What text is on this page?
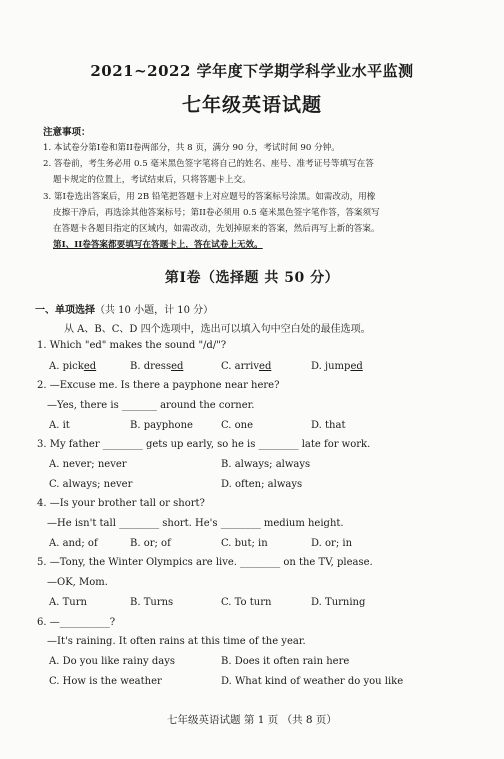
2021~2022 学年度下学期学科学业水平监测
七年级英语试题
注意事项：
1. 本试卷分第I卷和第II卷两部分，共 8 页，满分 90 分，考试时间 90 分钟。
2. 答卷前，考生务必用 0.5 毫米黑色签字笔将自己的姓名、座号、准考证号等填写在答
题卡规定的位置上，考试结束后，只将答题卡上交。
3. 第I卷选出答案后，用 2B 铅笔把答题卡上对应题号的答案标号涂黑。如需改动，用橡
皮擦干净后，再选涂其他答案标号；第II卷必须用 0.5 毫米黑色签字笔作答，答案须写
在答题卡各题目指定的区域内，如需改动，先划掉原来的答案，然后再写上新的答案。
第I、II卷答案都要填写在答题卡上，答在试卷上无效。
第I卷（选择题 共 50 分）
一、单项选择（共 10 小题，计 10 分）
从 A、B、C、D 四个选项中，选出可以填入句中空白处的最佳选项。
1. Which "ed" makes the sound "/d/"?
A. picked	B. dressed	C. arrived	D. jumped
2. —Excuse me. Is there a payphone near here?
—Yes, there is _______ around the corner.
A. it	B. payphone	C. one	D. that
3. My father ________ gets up early, so he is ________ late for work.
A. never; never	B. always; always
C. always; never	D. often; always
4. —Is your brother tall or short?
—He isn't tall ________ short. He's ________ medium height.
A. and; of	B. or; of	C. but; in	D. or; in
5. —Tony, the Winter Olympics are live. ________ on the TV, please.
—OK, Mom.
A. Turn	B. Turns	C. To turn	D. Turning
6. —__________?
—It's raining. It often rains at this time of the year.
A. Do you like rainy days	B. Does it often rain here
C. How is the weather	D. What kind of weather do you like
七年级英语试题 第 1 页 （共 8 页）
